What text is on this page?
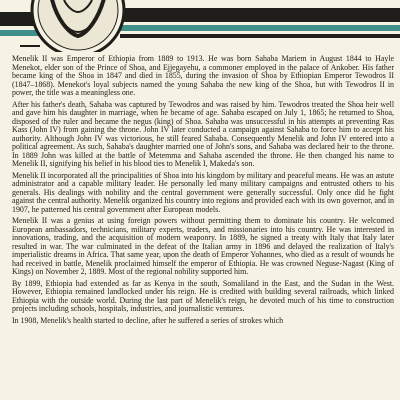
Menelik II was Emperor of Ethiopia from 1889 to 1913. He was born Sahaba Mariem in August 1844 to Hayle Menekot, elder son of the Prince of Shoa, and Ejjegayehu, a commoner employed in the palace of Ankober. His father became king of the Shoa in 1847 and died in 1855, during the invasion of Shoa by Ethiopian Emperor Tewodros II (1847–1868). Menekot's loyal subjects named the young Sahaba the new king of the Shoa, but with Tewodros II in power, the title was a meaningless one.

After his father's death, Sahaba was captured by Tewodros and was raised by him. Tewodros treated the Shoa heir well and gave him his daughter in marriage, when he became of age. Sahaba escaped on July 1, 1865; he returned to Shoa, disposed of the ruler and became the negus (king) of Shoa. Sahaba was unsuccessful in his attempts at preventing Ras Kass (John IV) from gaining the throne. John IV later conducted a campaign against Sahaba to force him to accept his authority. Although John IV was victorious, he still feared Sahaba. Consequently Menelik and John IV entered into a political agreement. As such, Sahaba's daughter married one of John's sons, and Sahaba was declared heir to the throne. In 1889 John was killed at the battle of Metemma and Sahaba ascended the throne. He then changed his name to Menelik II, signifying his belief in his blood ties to Menelik I, Makeda's son.

Menelik II incorporated all the principalities of Shoa into his kingdom by military and peaceful means. He was an astute administrator and a capable military leader. He personally led many military campaigns and entrusted others to his generals. His dealings with nobility and the central government were generally successful. Only once did he fight against the central authority. Menelik organized his country into regions and provided each with its own governor, and in 1907, he patterned his central government after European models.

Menelik II was a genius at using foreign powers without permitting them to dominate his country. He welcomed European ambassadors, technicians, military experts, traders, and missionaries into his country. He was interested in innovations, trading, and the acquisition of modern weaponry. In 1889, he signed a treaty with Italy that Italy later resulted in war. The war culminated in the defeat of the Italian army in 1896 and delayed the realization of Italy's imperialistic dreams in Africa. That same year, upon the death of Emperor Yohannes, who died as a result of wounds he had received in battle, Menelik proclaimed himself the emperor of Ethiopia. He was crowned Neguse-Nagast (King of Kings) on November 2, 1889. Most of the regional nobility supported him.

By 1899, Ethiopia had extended as far as Kenya in the south, Somaliland in the East, and the Sudan in the West. However, Ethiopia remained landlocked under his reign. He is credited with building several railroads, which linked Ethiopia with the outside world. During the last part of Menelik's reign, he devoted much of his time to construction projects including schools, hospitals, industries, and journalistic ventures.

In 1908, Menelik's health started to decline, after he suffered a series of strokes which
